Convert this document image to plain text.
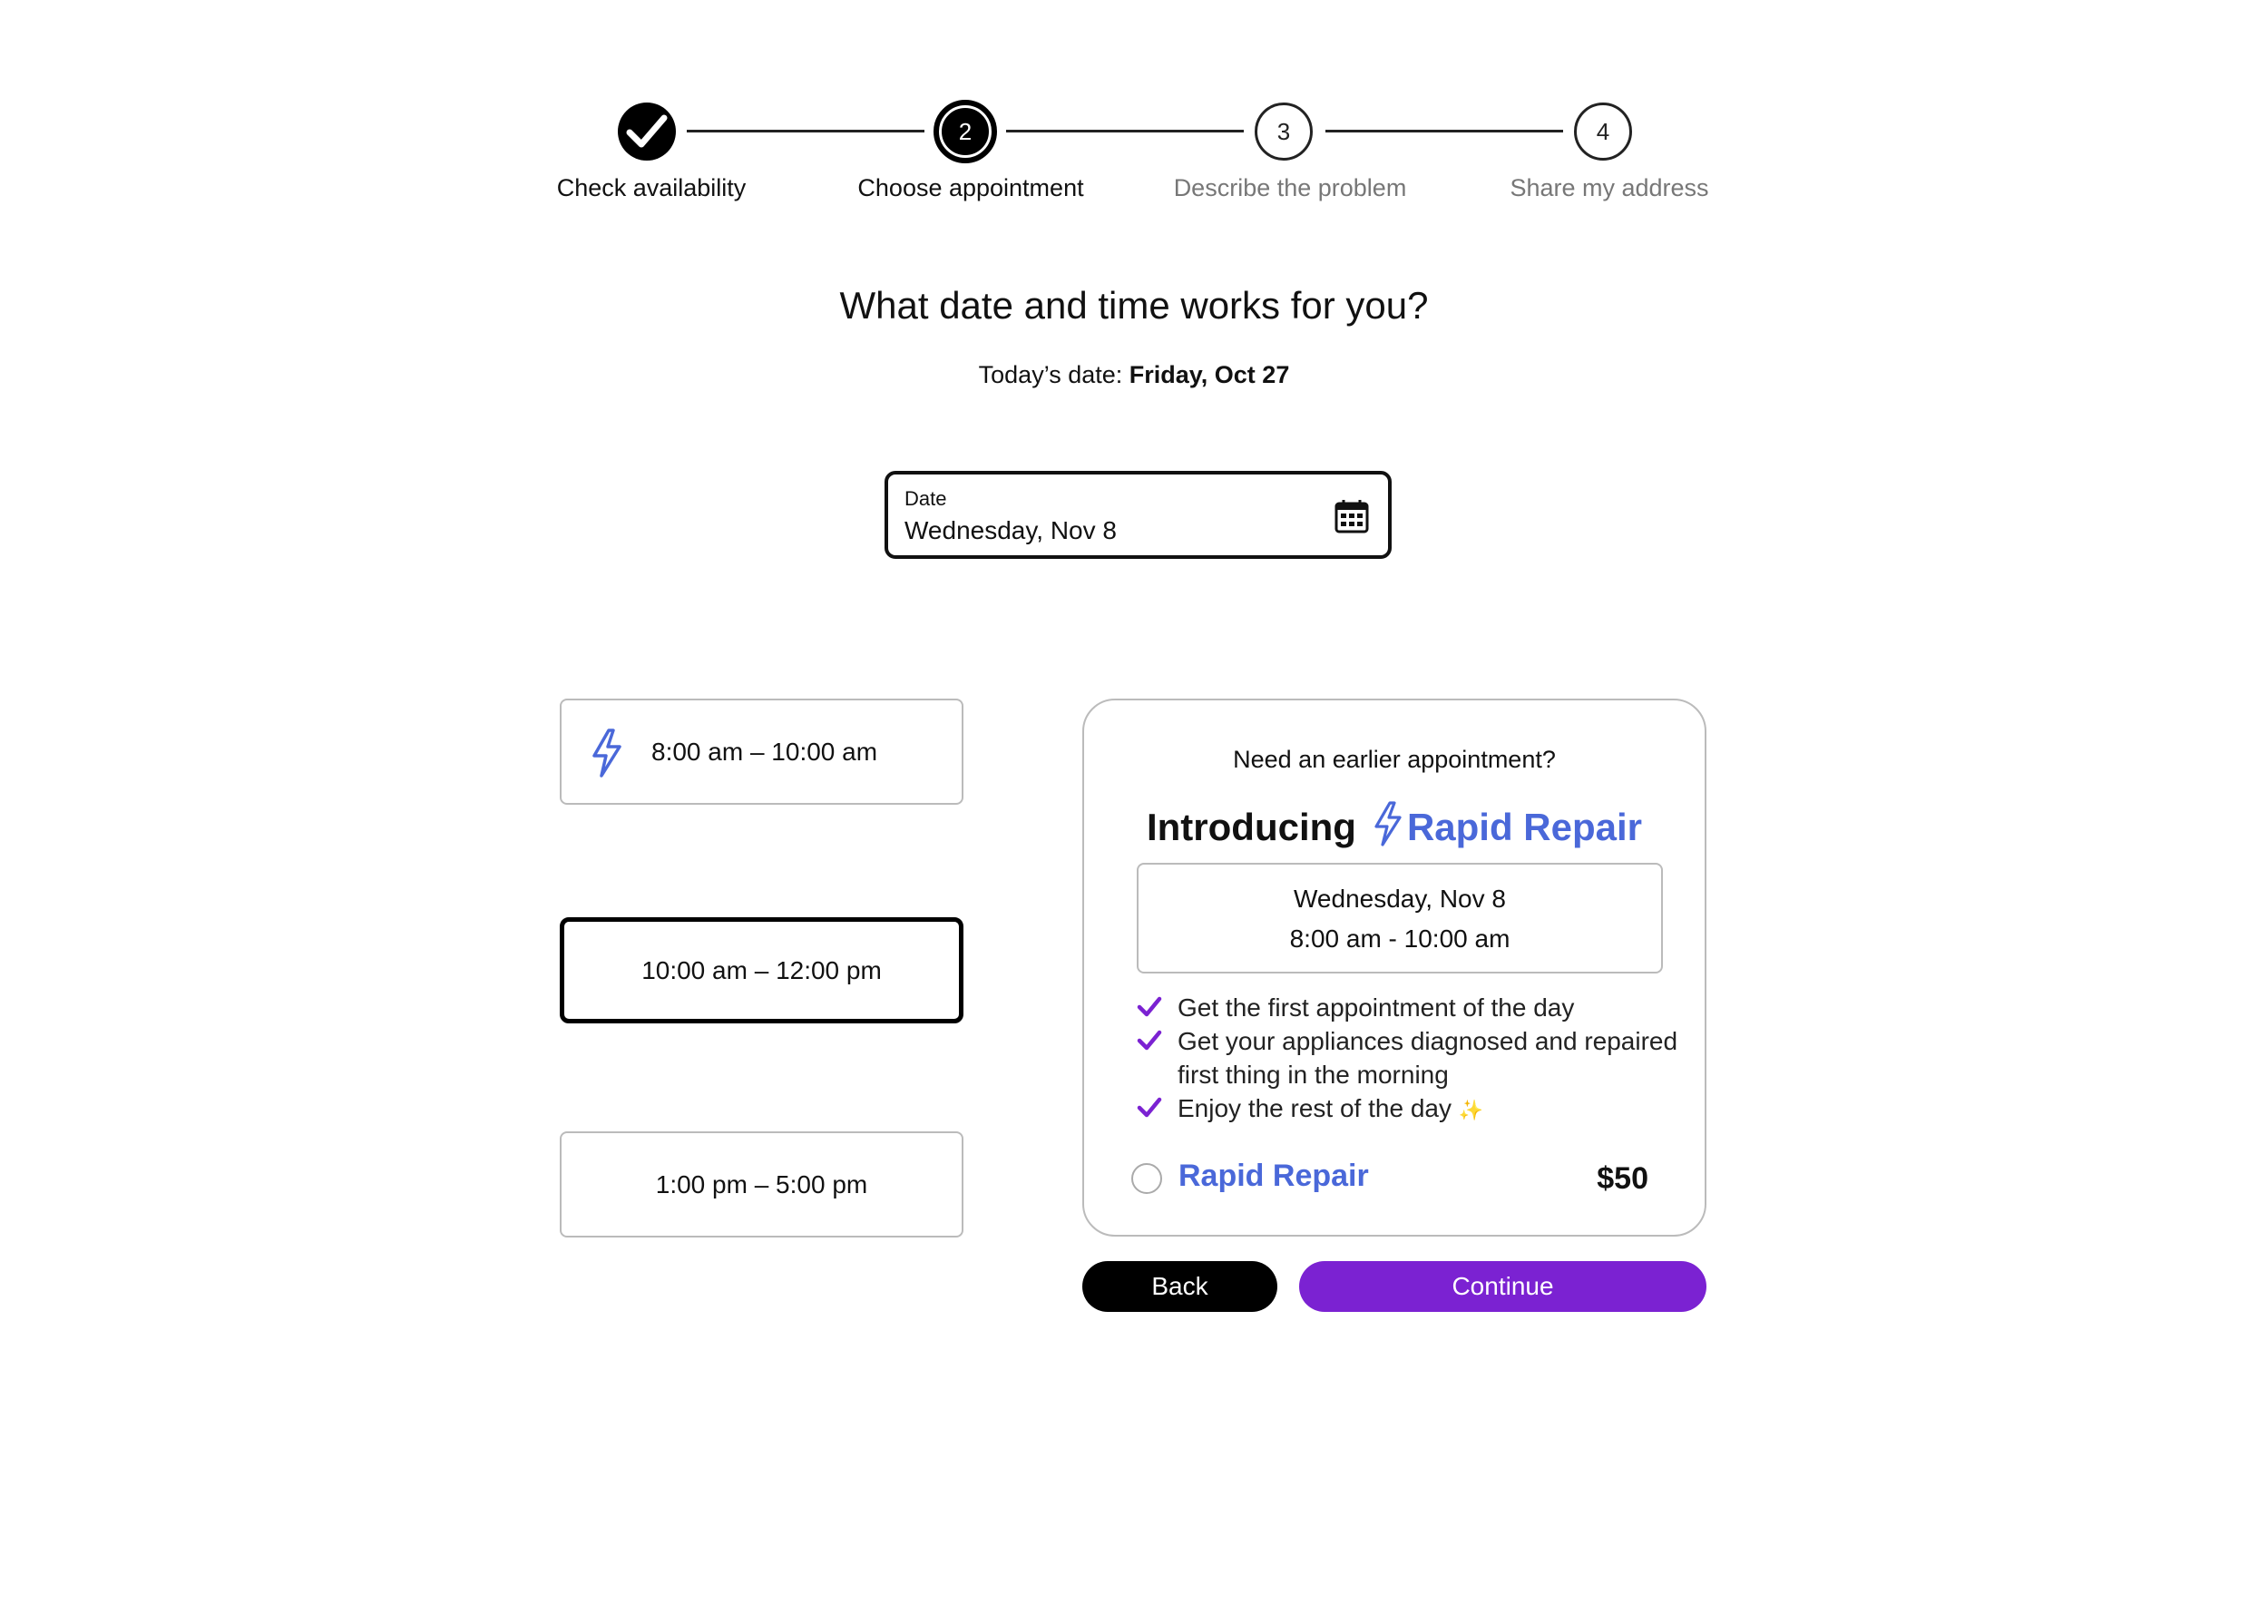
2	3	4
Check availability	Choose appointment	Describe the problem	Share my address
What date and time works for you?
Today’s date: Friday, Oct 27
Date
Wednesday, Nov 8
8:00 am – 10:00 am
10:00 am – 12:00 pm
1:00 pm – 5:00 pm
Need an earlier appointment?
Introducing Rapid Repair
Wednesday, Nov 8
8:00 am - 10:00 am
Get the first appointment of the day
Get your appliances diagnosed and repaired first thing in the morning
Enjoy the rest of the day ✨
Rapid Repair	$50
Back	Continue
